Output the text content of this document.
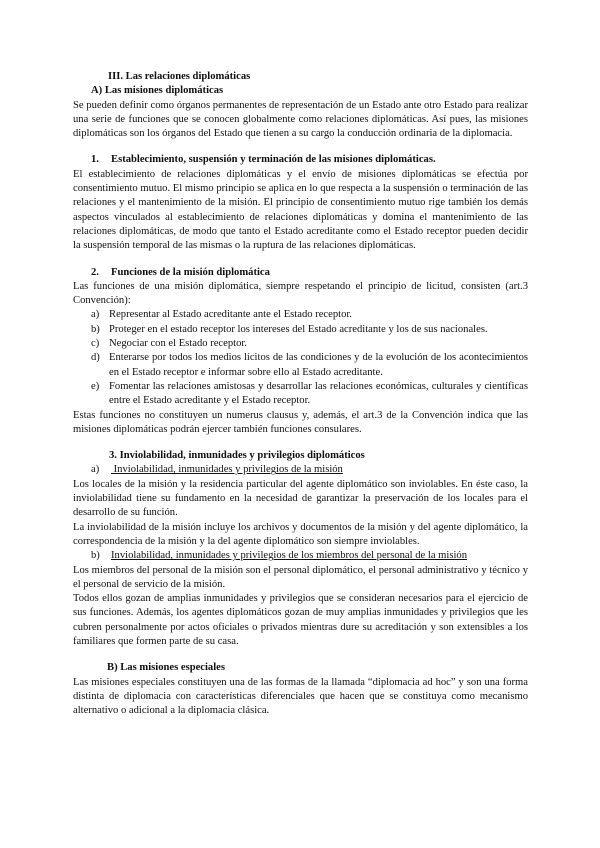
III. Las relaciones diplomáticas

A) Las misiones diplomáticas

Se pueden definir como órganos permanentes de representación de un Estado ante otro Estado para realizar una serie de funciones que se conocen globalmente como relaciones diplomáticas. Así pues, las misiones diplomáticas son los órganos del Estado que tienen a su cargo la conducción ordinaria de la diplomacia.

1. Establecimiento, suspensión y terminación de las misiones diplomáticas.

El establecimiento de relaciones diplomáticas y el envío de misiones diplomáticas se efectúa por consentimiento mutuo. El mismo principio se aplica en lo que respecta a la suspensión o terminación de las relaciones y el mantenimiento de la misión. El principio de consentimiento mutuo rige también los demás aspectos vinculados al establecimiento de relaciones diplomáticas y domina el mantenimiento de las relaciones diplomáticas, de modo que tanto el Estado acreditante como el Estado receptor pueden decidir la suspensión temporal de las mismas o la ruptura de las relaciones diplomáticas.

2. Funciones de la misión diplomática

Las funciones de una misión diplomática, siempre respetando el principio de licitud, consisten (art.3 Convención):

a) Representar al Estado acreditante ante el Estado receptor.
b) Proteger en el estado receptor los intereses del Estado acreditante y los de sus nacionales.
c) Negociar con el Estado receptor.
d) Enterarse por todos los medios lícitos de las condiciones y de la evolución de los acontecimientos en el Estado receptor e informar sobre ello al Estado acreditante.
e) Fomentar las relaciones amistosas y desarrollar las relaciones económicas, culturales y científicas entre el Estado acreditante y el Estado receptor.

Estas funciones no constituyen un numerus clausus y, además, el art.3 de la Convención indica que las misiones diplomáticas podrán ejercer también funciones consulares.

3. Inviolabilidad, inmunidades y privilegios diplomáticos

a) Inviolabilidad, inmunidades y privilegios de la misión

Los locales de la misión y la residencia particular del agente diplomático son inviolables. En éste caso, la inviolabilidad tiene su fundamento en la necesidad de garantizar la preservación de los locales para el desarrollo de su función.

La inviolabilidad de la misión incluye los archivos y documentos de la misión y del agente diplomático, la correspondencia de la misión y la del agente diplomático son siempre inviolables.

b) Inviolabilidad, inmunidades y privilegios de los miembros del personal de la misión

Los miembros del personal de la misión son el personal diplomático, el personal administrativo y técnico y el personal de servicio de la misión.

Todos ellos gozan de amplias inmunidades y privilegios que se consideran necesarios para el ejercicio de sus funciones. Además, los agentes diplomáticos gozan de muy amplias inmunidades y privilegios que les cubren personalmente por actos oficiales o privados mientras dure su acreditación y son extensibles a los familiares que formen parte de su casa.

B) Las misiones especiales

Las misiones especiales constituyen una de las formas de la llamada “diplomacia ad hoc” y son una forma distinta de diplomacia con características diferenciales que hacen que se constituya como mecanismo alternativo o adicional a la diplomacia clásica.
